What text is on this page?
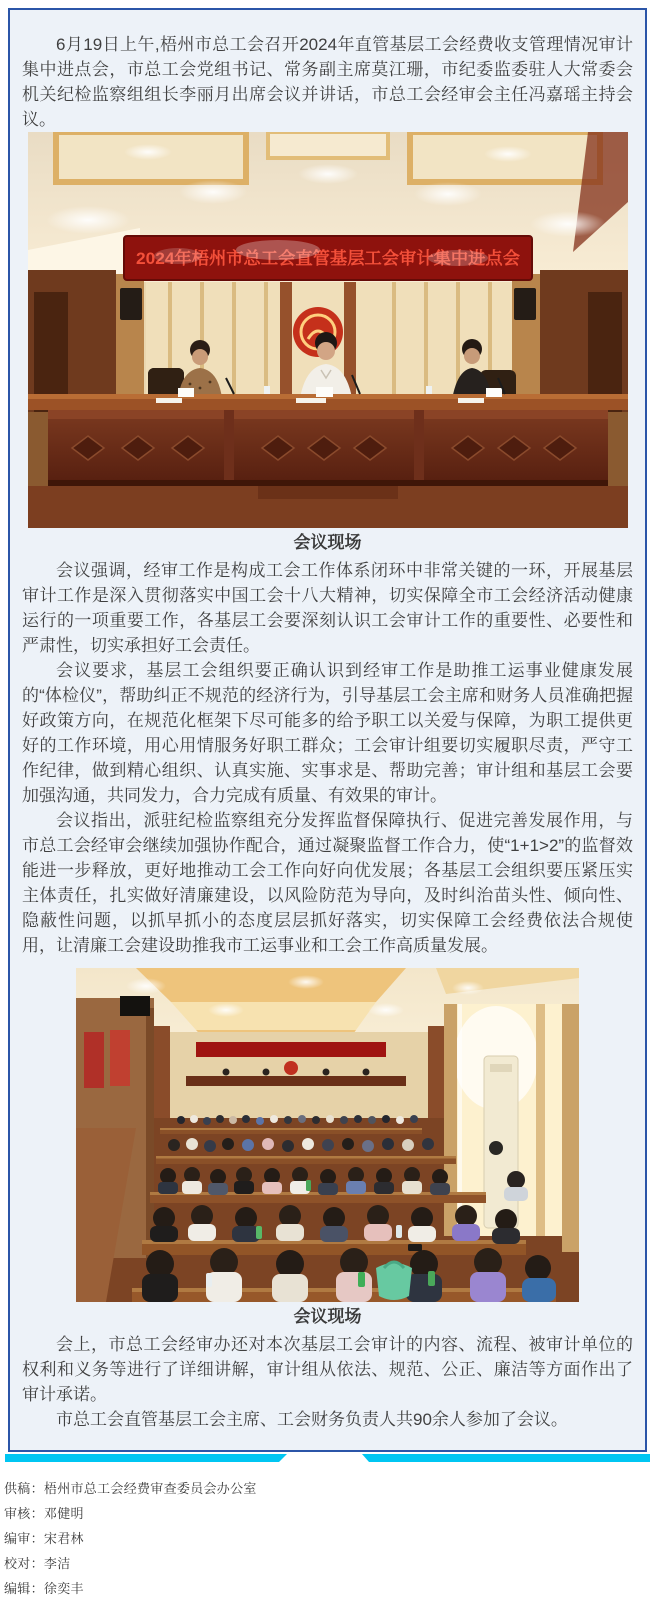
6月19日上午,梧州市总工会召开2024年直管基层工会经费收支管理情况审计集中进点会，市总工会党组书记、常务副主席莫江珊，市纪委监委驻人大常委会机关纪检监察组组长李丽月出席会议并讲话，市总工会经审会主任冯嘉瑶主持会议。

2024年梧州市总工会直管基层工会审计集中进点会
会议现场

会议强调，经审工作是构成工会工作体系闭环中非常关键的一环，开展基层审计工作是深入贯彻落实中国工会十八大精神，切实保障全市工会经济活动健康运行的一项重要工作，各基层工会要深刻认识工会审计工作的重要性、必要性和严肃性，切实承担好工会责任。

会议要求，基层工会组织要正确认识到经审工作是助推工运事业健康发展的“体检仪”，帮助纠正不规范的经济行为，引导基层工会主席和财务人员准确把握好政策方向，在规范化框架下尽可能多的给予职工以关爱与保障，为职工提供更好的工作环境，用心用情服务好职工群众；工会审计组要切实履职尽责，严守工作纪律，做到精心组织、认真实施、实事求是、帮助完善；审计组和基层工会要加强沟通，共同发力，合力完成有质量、有效果的审计。

会议指出，派驻纪检监察组充分发挥监督保障执行、促进完善发展作用，与市总工会经审会继续加强协作配合，通过凝聚监督工作合力，使“1+1>2”的监督效能进一步释放，更好地推动工会工作向好向优发展；各基层工会组织要压紧压实主体责任，扎实做好清廉建设，以风险防范为导向，及时纠治苗头性、倾向性、隐蔽性问题，以抓早抓小的态度层层抓好落实，切实保障工会经费依法合规使用，让清廉工会建设助推我市工运事业和工会工作高质量发展。

会议现场

会上，市总工会经审办还对本次基层工会审计的内容、流程、被审计单位的权利和义务等进行了详细讲解，审计组从依法、规范、公正、廉洁等方面作出了审计承诺。

市总工会直管基层工会主席、工会财务负责人共90余人参加了会议。

供稿：梧州市总工会经费审查委员会办公室
审核：邓健明
编审：宋君林
校对：李洁
编辑：徐奕丰
